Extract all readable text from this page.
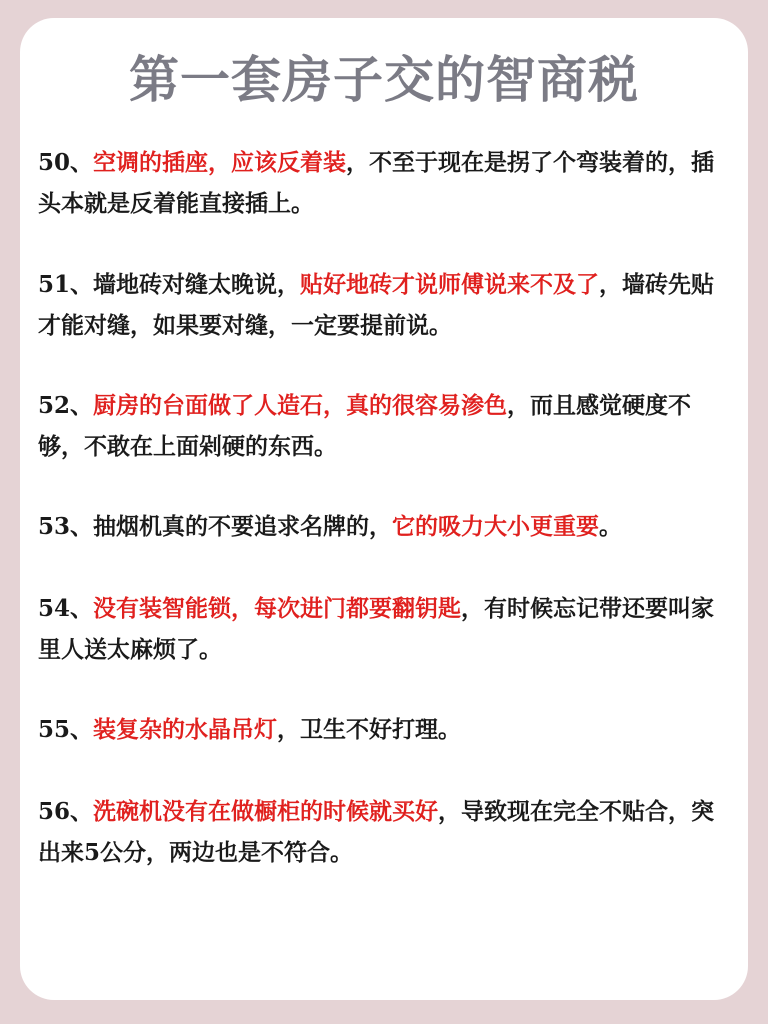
第一套房子交的智商税
50、空调的插座，应该反着装，不至于现在是拐了个弯装着的，插头本就是反着能直接插上。
51、墙地砖对缝太晚说，贴好地砖才说师傅说来不及了，墙砖先贴才能对缝，如果要对缝，一定要提前说。
52、厨房的台面做了人造石，真的很容易渗色，而且感觉硬度不够，不敢在上面剁硬的东西。
53、抽烟机真的不要追求名牌的，它的吸力大小更重要。
54、没有装智能锁，每次进门都要翻钥匙，有时候忘记带还要叫家里人送太麻烦了。
55、装复杂的水晶吊灯，卫生不好打理。
56、洗碗机没有在做橱柜的时候就买好，导致现在完全不贴合，突出来5公分，两边也是不符合。
